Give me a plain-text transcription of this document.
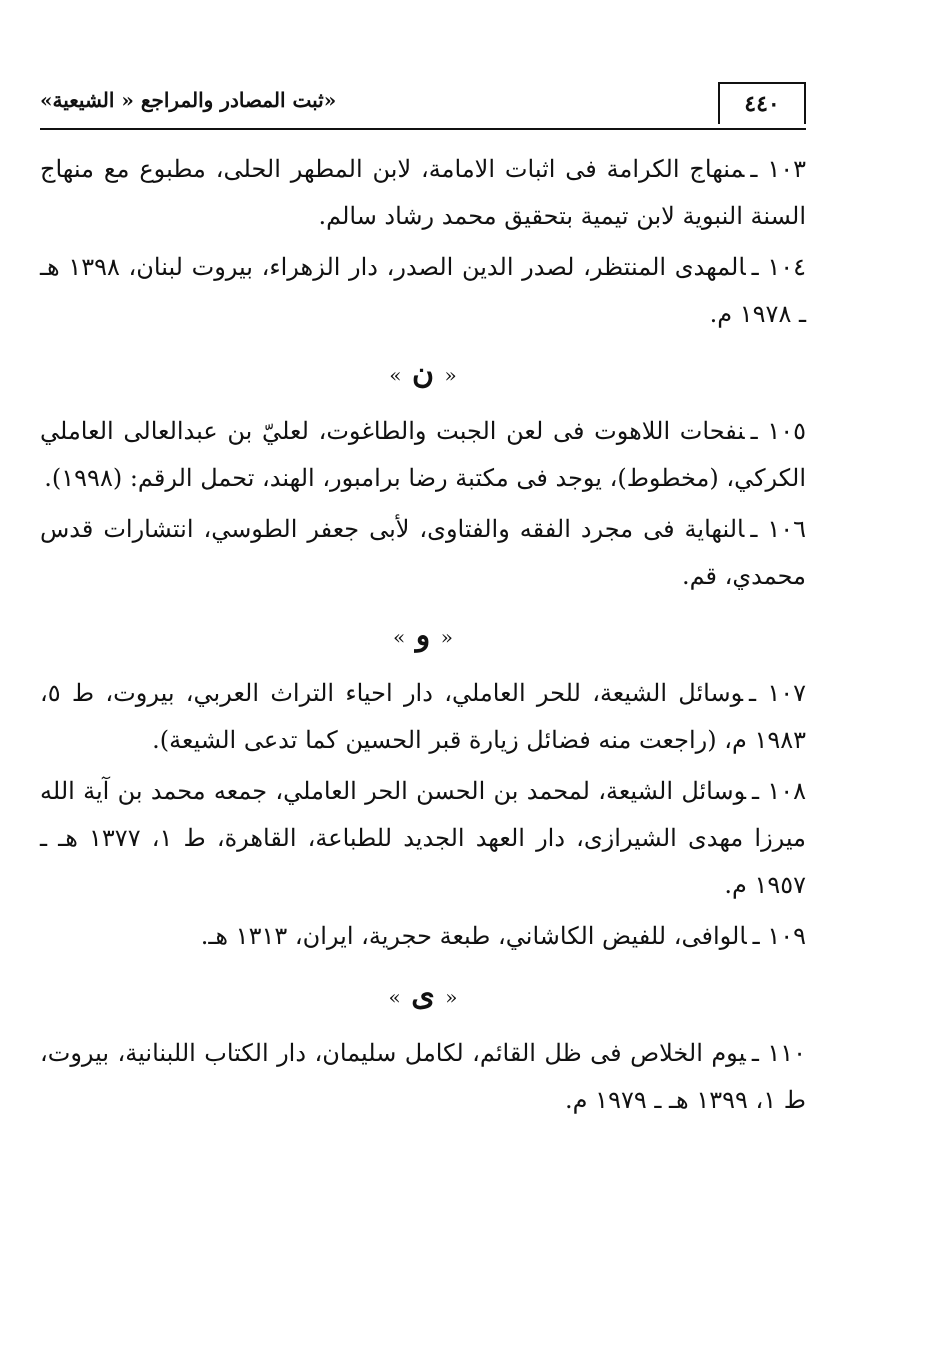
٤٤٠
«ثبت المصادر والمراجع « الشيعية»
١٠٣ ـمنهاج الكرامة فى اثبات الامامة، لابن المطهر الحلى، مطبوع مع منهاج السنة النبوية لابن تيمية بتحقيق محمد رشاد سالم.
١٠٤ ـالمهدى المنتظر، لصدر الدين الصدر، دار الزهراء، بيروت لبنان، ١٣٩٨ هـ ـ ١٩٧٨ م.
« ن »
١٠٥ ـنفحات اللاهوت فى لعن الجبت والطاغوت، لعليّ بن عبدالعالى العاملي الكركي، (مخطوط)، يوجد فى مكتبة رضا برامبور، الهند، تحمل الرقم: (١٩٩٨).
١٠٦ ـالنهاية فى مجرد الفقه والفتاوى، لأبى جعفر الطوسي، انتشارات قدس محمدي، قم.
« و »
١٠٧ ـوسائل الشيعة، للحر العاملي، دار احياء التراث العربي، بيروت، ط ٥، ١٩٨٣ م، (راجعت منه فضائل زيارة قبر الحسين كما تدعى الشيعة).
١٠٨ ـوسائل الشيعة، لمحمد بن الحسن الحر العاملي، جمعه محمد بن آية الله ميرزا مهدى الشيرازى، دار العهد الجديد للطباعة، القاهرة، ط ١، ١٣٧٧ هـ ـ ١٩٥٧ م.
١٠٩ ـالوافى، للفيض الكاشاني، طبعة حجرية، ايران، ١٣١٣ هـ.
« ى »
١١٠ ـيوم الخلاص فى ظل القائم، لكامل سليمان، دار الكتاب اللبنانية، بيروت، ط ١، ١٣٩٩ هـ ـ ١٩٧٩ م.
